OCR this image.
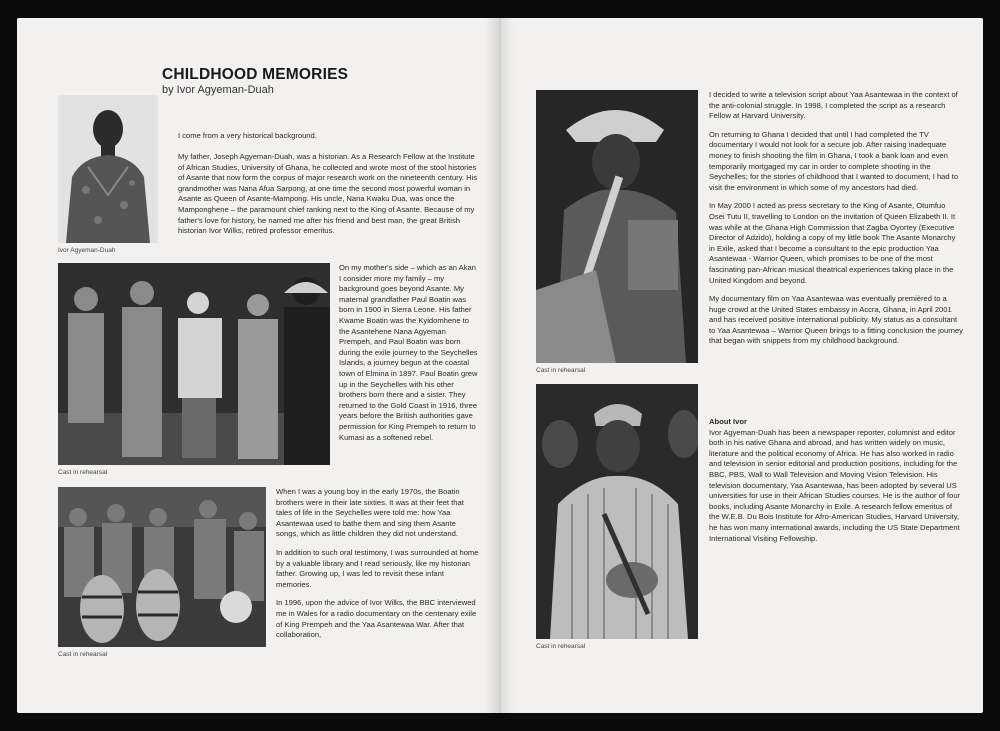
Ivor Agyeman-Duah
CHILDHOOD MEMORIES
by Ivor Agyeman-Duah

I come from a very historical background.

My father, Joseph Agyeman-Duah, was a historian. As a Research Fellow at the Institute of African Studies, University of Ghana, he collected and wrote most of the stool histories of Asante that now form the corpus of major research work on the nineteenth century. His grandmother was Nana Afua Sarpong, at one time the second most powerful woman in Asante as Queen of Asante-Mampong. His uncle, Nana Kwaku Dua, was once the Mamponghene – the paramount chief ranking next to the King of Asante. Because of my father's love for history, he named me after his friend and best man, the great British historian Ivor Wilks, retired professor emeritus.

Cast in rehearsal

On my mother's side – which as an Akan I consider more my family – my background goes beyond Asante. My maternal grandfather Paul Boatin was born in 1900 in Sierra Leone. His father Kwame Boatin was the Kyidomhene to the Asantehene Nana Agyeman Prempeh, and Paul Boatin was born during the exile journey to the Seychelles Islands, a journey begun at the coastal town of Elmina in 1897. Paul Boatin grew up in the Seychelles with his other brothers born there and a sister. They returned to the Gold Coast in 1916, three years before the British authorities gave permission for King Prempeh to return to Kumasi as a softened rebel.

Cast in rehearsal

When I was a young boy in the early 1970s, the Boatin brothers were in their late sixties. It was at their feet that tales of life in the Seychelles were told me: how Yaa Asantewaa used to bathe them and sing them Asante songs, which as little children they did not understand.

In addition to such oral testimony, I was surrounded at home by a valuable library and I read seriously, like my historian father. Growing up, I was led to revisit these infant memories.

In 1996, upon the advice of Ivor Wilks, the BBC interviewed me in Wales for a radio documentary on the centenary exile of King Prempeh and the Yaa Asantewaa War. After that collaboration,

Cast in rehearsal

I decided to write a television script about Yaa Asantewaa in the context of the anti-colonial struggle. In 1998, I completed the script as a research Fellow at Harvard University.

On returning to Ghana I decided that until I had completed the TV documentary I would not look for a secure job. After raising inadequate money to finish shooting the film in Ghana, I took a bank loan and even temporarily mortgaged my car in order to complete shooting in the Seychelles; for the stories of childhood that I wanted to document, I had to visit the environment in which some of my ancestors had died.

In May 2000 I acted as press secretary to the King of Asante, Otumfuo Osei Tutu II, travelling to London on the invitation of Queen Elizabeth II. It was while at the Ghana High Commission that Zagba Oyortey (Executive Director of Adzido), holding a copy of my little book The Asante Monarchy in Exile, asked that I become a consultant to the epic production Yaa Asantewaa - Warrior Queen, which promises to be one of the most fascinating pan-African musical theatrical experiences taking place in the United Kingdom and beyond.

My documentary film on Yaa Asantewaa was eventually premièred to a huge crowd at the United States embassy in Accra, Ghana, in April 2001 and has received positive international publicity. My status as a consultant to Yaa Asantewaa – Warrior Queen brings to a fitting conclusion the journey that began with snippets from my childhood background.

Cast in rehearsal

About Ivor

Ivor Agyeman-Duah has been a newspaper reporter, columnist and editor both in his native Ghana and abroad, and has written widely on music, literature and the political economy of Africa. He has also worked in radio and television in senior editorial and production positions, including for the BBC, PBS, Wall to Wall Television and Moving Vision Television. His television documentary, Yaa Asantewaa, has been adopted by several US universities for use in their African Studies courses. He is the author of four books, including Asante Monarchy in Exile. A research fellow emeritus of the W.E.B. Du Bois Institute for Afro-American Studies, Harvard University, he has won many international awards, including the US State Department International Visiting Fellowship.
